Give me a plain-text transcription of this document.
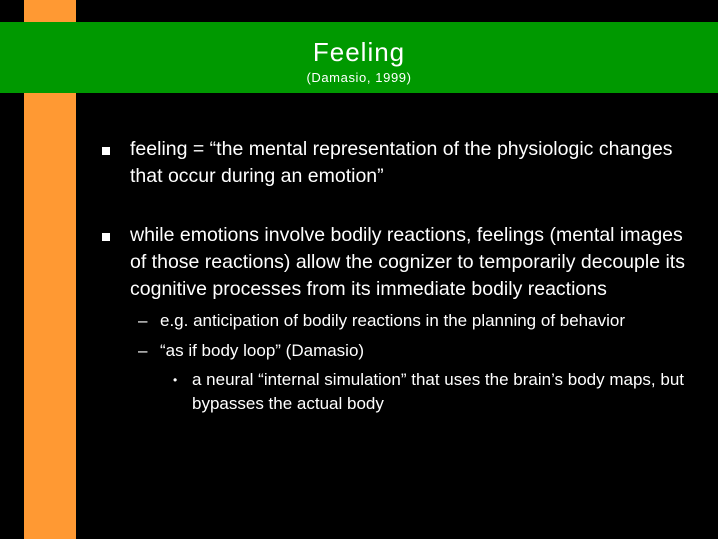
Feeling
(Damasio, 1999)
feeling = “the mental representation of the physiologic changes that occur during an emotion”
while emotions involve bodily reactions, feelings (mental images of those reactions) allow the cognizer to temporarily decouple its cognitive processes from its immediate bodily reactions
– e.g. anticipation of bodily reactions in the planning of behavior
– “as if body loop” (Damasio)
• a neural “internal simulation” that uses the brain’s body maps, but bypasses the actual body
